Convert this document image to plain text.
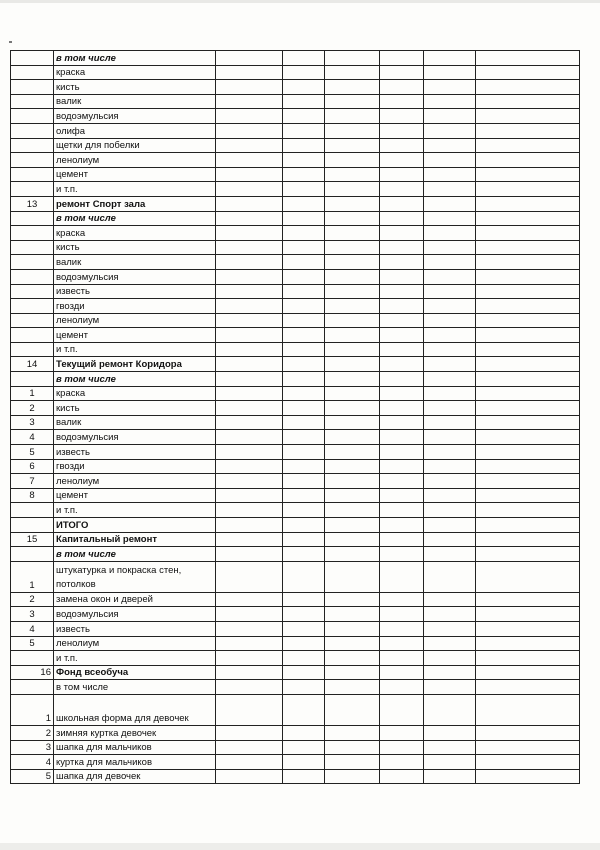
	в том числе						
	краска						
	кисть						
	валик						
	водоэмульсия						
	олифа						
	щетки для побелки						
	ленолиум						
	цемент						
	и т.п.						
13	ремонт Спорт зала						
	в том числе						
	краска						
	кисть						
	валик						
	водоэмульсия						
	известь						
	гвозди						
	ленолиум						
	цемент						
	и т.п.						
14	Текущий ремонт Коридора						
	в том числе						
1	краска						
2	кисть						
3	валик						
4	водоэмульсия						
5	известь						
6	гвозди						
7	ленолиум						
8	цемент						
	и т.п.						
	ИТОГО						
15	Капитальный ремонт						
	в том числе						
1	штукатурка и покраска стен, потолков						
2	замена окон и дверей						
3	водоэмульсия						
4	известь						
5	ленолиум						
	и т.п.						
16	Фонд всеобуча						
	в том числе						
1	школьная форма для девочек						
2	зимняя куртка девочек						
3	шапка для мальчиков						
4	куртка для мальчиков						
5	шапка для девочек						
